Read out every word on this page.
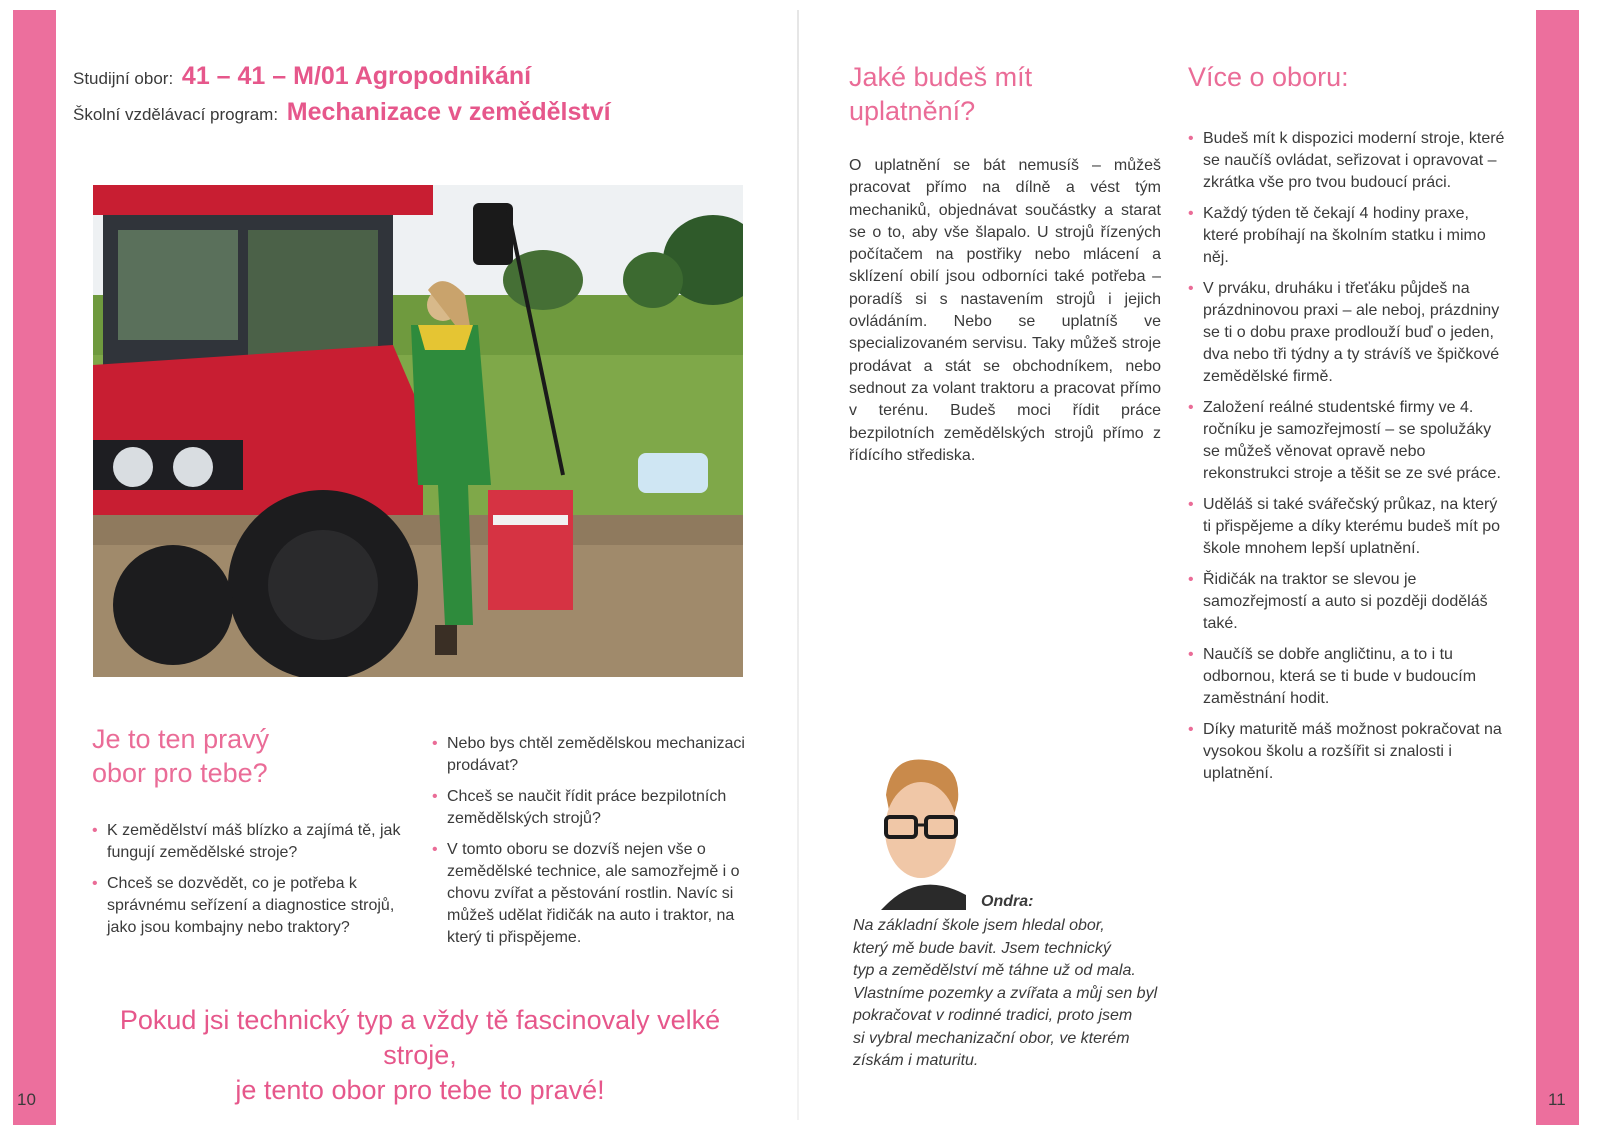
10	11
Studijní obor: 41 – 41 – M/01 Agropodnikání
Školní vzdělávací program: Mechanizace v zemědělství
Je to ten pravý
obor pro tebe?
• K zemědělství máš blízko a zajímá tě, jak fungují zemědělské stroje?
• Chceš se dozvědět, co je potřeba k správnému seřízení a diagnostice strojů, jako jsou kombajny nebo traktory?
• Nebo bys chtěl zemědělskou mechanizaci prodávat?
• Chceš se naučit řídit práce bezpilotních zemědělských strojů?
• V tomto oboru se dozvíš nejen vše o zemědělské technice, ale samozřejmě i o chovu zvířat a pěstování rostlin. Navíc si můžeš udělat řidičák na auto i traktor, na který ti přispějeme.
Pokud jsi technický typ a vždy tě fascinovaly velké stroje,
je tento obor pro tebe to pravé!
Jaké budeš mít
uplatnění?
O uplatnění se bát nemusíš – můžeš pracovat přímo na dílně a vést tým mechaniků, objednávat součástky a starat se o to, aby vše šlapalo. U strojů řízených počítačem na postřiky nebo mlácení a sklízení obilí jsou odborníci také potřeba – poradíš si s nastavením strojů i jejich ovládáním. Nebo se uplatníš ve specializovaném servisu. Taky můžeš stroje prodávat a stát se obchodníkem, nebo sednout za volant traktoru a pracovat přímo v terénu. Budeš moci řídit práce bezpilotních zemědělských strojů přímo z řídícího střediska.
Více o oboru:
• Budeš mít k dispozici moderní stroje, které se naučíš ovládat, seřizovat i opravovat – zkrátka vše pro tvou budoucí práci.
• Každý týden tě čekají 4 hodiny praxe, které probíhají na školním statku i mimo něj.
• V prváku, druháku i třeťáku půjdeš na prázdninovou praxi – ale neboj, prázdniny se ti o dobu praxe prodlouží buď o jeden, dva nebo tři týdny a ty strávíš ve špičkové zemědělské firmě.
• Založení reálné studentské firmy ve 4. ročníku je samozřejmostí – se spolužáky se můžeš věnovat opravě nebo rekonstrukci stroje a těšit se ze své práce.
• Uděláš si také svářečský průkaz, na který ti přispějeme a díky kterému budeš mít po škole mnohem lepší uplatnění.
• Řidičák na traktor se slevou je samozřejmostí a auto si později doděláš také.
• Naučíš se dobře angličtinu, a to i tu odbornou, která se ti bude v budoucím zaměstnání hodit.
• Díky maturitě máš možnost pokračovat na vysokou školu a rozšířit si znalosti i uplatnění.
Ondra:
Na základní škole jsem hledal obor,
který mě bude bavit. Jsem technický
typ a zemědělství mě táhne už od mala.
Vlastníme pozemky a zvířata a můj sen byl
pokračovat v rodinné tradici, proto jsem
si vybral mechanizační obor, ve kterém
získám i maturitu.
